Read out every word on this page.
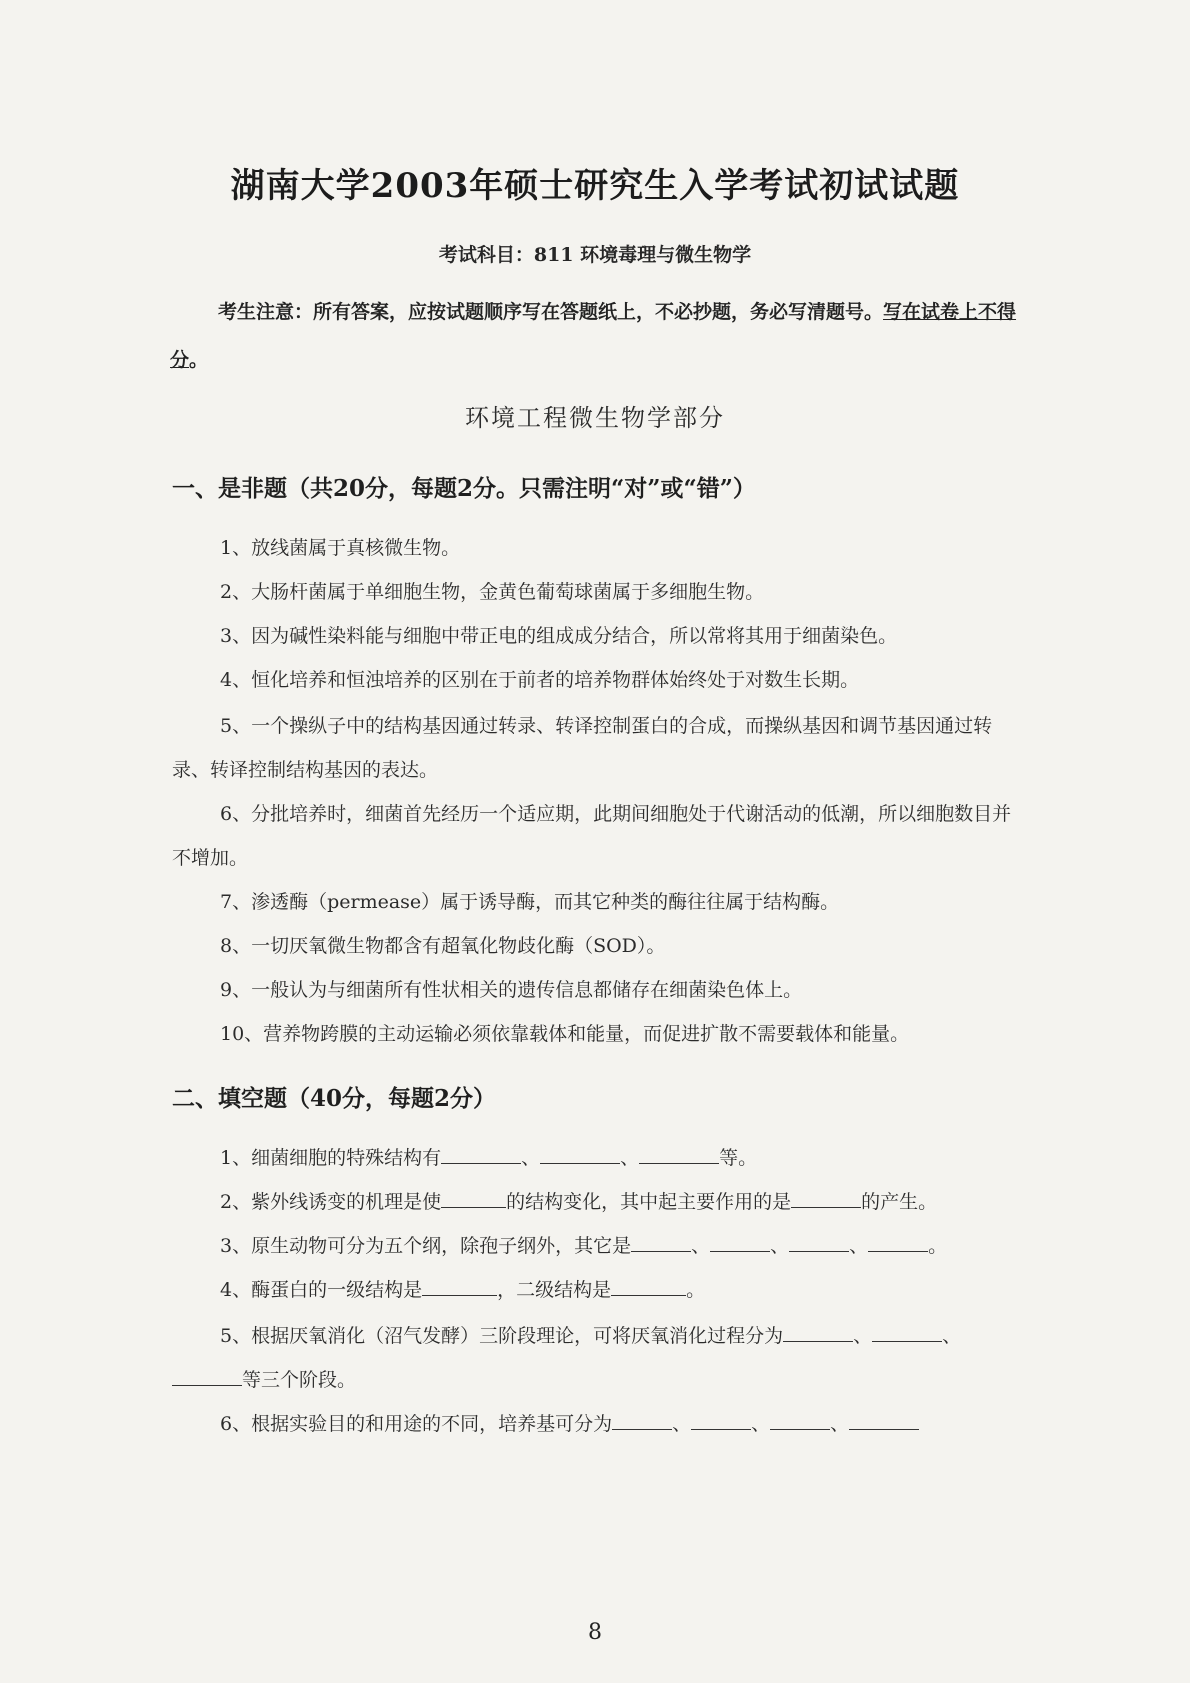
湖南大学2003年硕士研究生入学考试初试试题
考试科目：811 环境毒理与微生物学
考生注意：所有答案，应按试题顺序写在答题纸上，不必抄题，务必写清题号。写在试卷上不得分。
环境工程微生物学部分
一、是非题（共20分，每题2分。只需注明“对”或“错”）
1、放线菌属于真核微生物。
2、大肠杆菌属于单细胞生物，金黄色葡萄球菌属于多细胞生物。
3、因为碱性染料能与细胞中带正电的组成成分结合，所以常将其用于细菌染色。
4、恒化培养和恒浊培养的区别在于前者的培养物群体始终处于对数生长期。
5、一个操纵子中的结构基因通过转录、转译控制蛋白的合成，而操纵基因和调节基因通过转录、转译控制结构基因的表达。
6、分批培养时，细菌首先经历一个适应期，此期间细胞处于代谢活动的低潮，所以细胞数目并不增加。
7、渗透酶（permease）属于诱导酶，而其它种类的酶往往属于结构酶。
8、一切厌氧微生物都含有超氧化物歧化酶（SOD）。
9、一般认为与细菌所有性状相关的遗传信息都储存在细菌染色体上。
10、营养物跨膜的主动运输必须依靠载体和能量，而促进扩散不需要载体和能量。
二、填空题（40分，每题2分）
1、细菌细胞的特殊结构有	、	、	等。
2、紫外线诱变的机理是使	的结构变化，其中起主要作用的是	的产生。
3、原生动物可分为五个纲，除孢子纲外，其它是	、	、	、	。
4、酶蛋白的一级结构是	，二级结构是	。
5、根据厌氧消化（沼气发酵）三阶段理论，可将厌氧消化过程分为	、	、等三个阶段。
6、根据实验目的和用途的不同，培养基可分为	、	、	、
8
